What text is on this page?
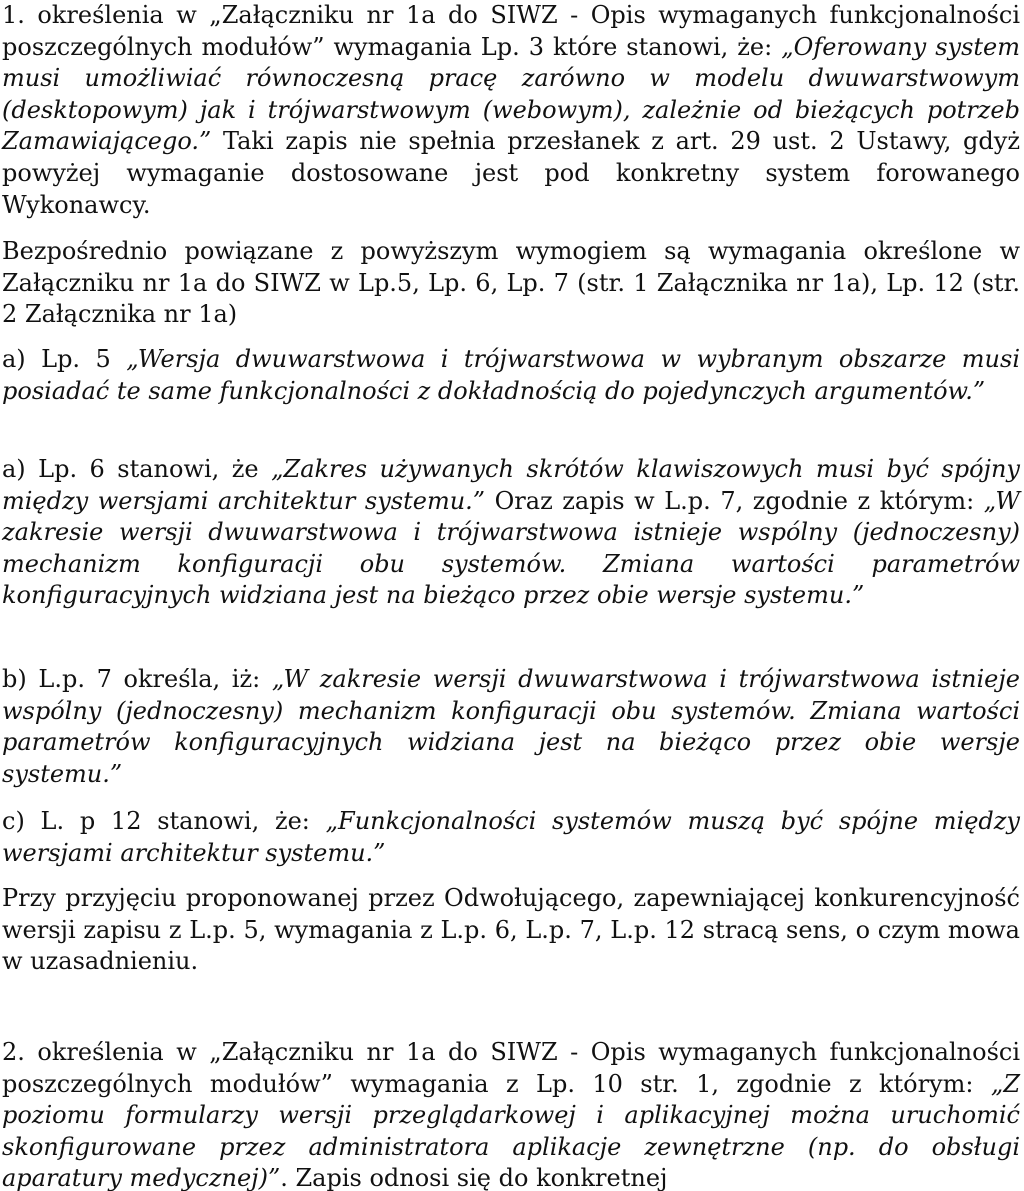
1. określenia w „Załączniku nr 1a do SIWZ - Opis wymaganych funkcjonalności poszczególnych modułów” wymagania Lp. 3 które stanowi, że: „Oferowany system musi umożliwiać równoczesną pracę zarówno w modelu dwuwarstwowym (desktopowym) jak i trójwarstwowym (webowym), zależnie od bieżących potrzeb Zamawiającego.” Taki zapis nie spełnia przesłanek z art. 29 ust. 2 Ustawy, gdyż powyżej wymaganie dostosowane jest pod konkretny system forowanego Wykonawcy.

Bezpośrednio powiązane z powyższym wymogiem są wymagania określone w Załączniku nr 1a do SIWZ w Lp.5, Lp. 6, Lp. 7 (str. 1 Załącznika nr 1a), Lp. 12 (str. 2 Załącznika nr 1a)

a) Lp. 5 „Wersja dwuwarstwowa i trójwarstwowa w wybranym obszarze musi posiadać te same funkcjonalności z dokładnością do pojedynczych argumentów.”

a) Lp. 6 stanowi, że „Zakres używanych skrótów klawiszowych musi być spójny między wersjami architektur systemu.” Oraz zapis w L.p. 7, zgodnie z którym: „W zakresie wersji dwuwarstwowa i trójwarstwowa istnieje wspólny (jednoczesny) mechanizm konfiguracji obu systemów. Zmiana wartości parametrów konfiguracyjnych widziana jest na bieżąco przez obie wersje systemu.”

b) L.p. 7 określa, iż: „W zakresie wersji dwuwarstwowa i trójwarstwowa istnieje wspólny (jednoczesny) mechanizm konfiguracji obu systemów. Zmiana wartości parametrów konfiguracyjnych widziana jest na bieżąco przez obie wersje systemu.”

c) L. p 12 stanowi, że: „Funkcjonalności systemów muszą być spójne między wersjami architektur systemu.”

Przy przyjęciu proponowanej przez Odwołującego, zapewniającej konkurencyjność wersji zapisu z L.p. 5, wymagania z L.p. 6, L.p. 7, L.p. 12 stracą sens, o czym mowa w uzasadnieniu.

2. określenia w „Załączniku nr 1a do SIWZ - Opis wymaganych funkcjonalności poszczególnych modułów” wymagania z Lp. 10 str. 1, zgodnie z którym: „Z poziomu formularzy wersji przeglądarkowej i aplikacyjnej można uruchomić skonfigurowane przez administratora aplikacje zewnętrzne (np. do obsługi aparatury medycznej)”. Zapis odnosi się do konkretnej
